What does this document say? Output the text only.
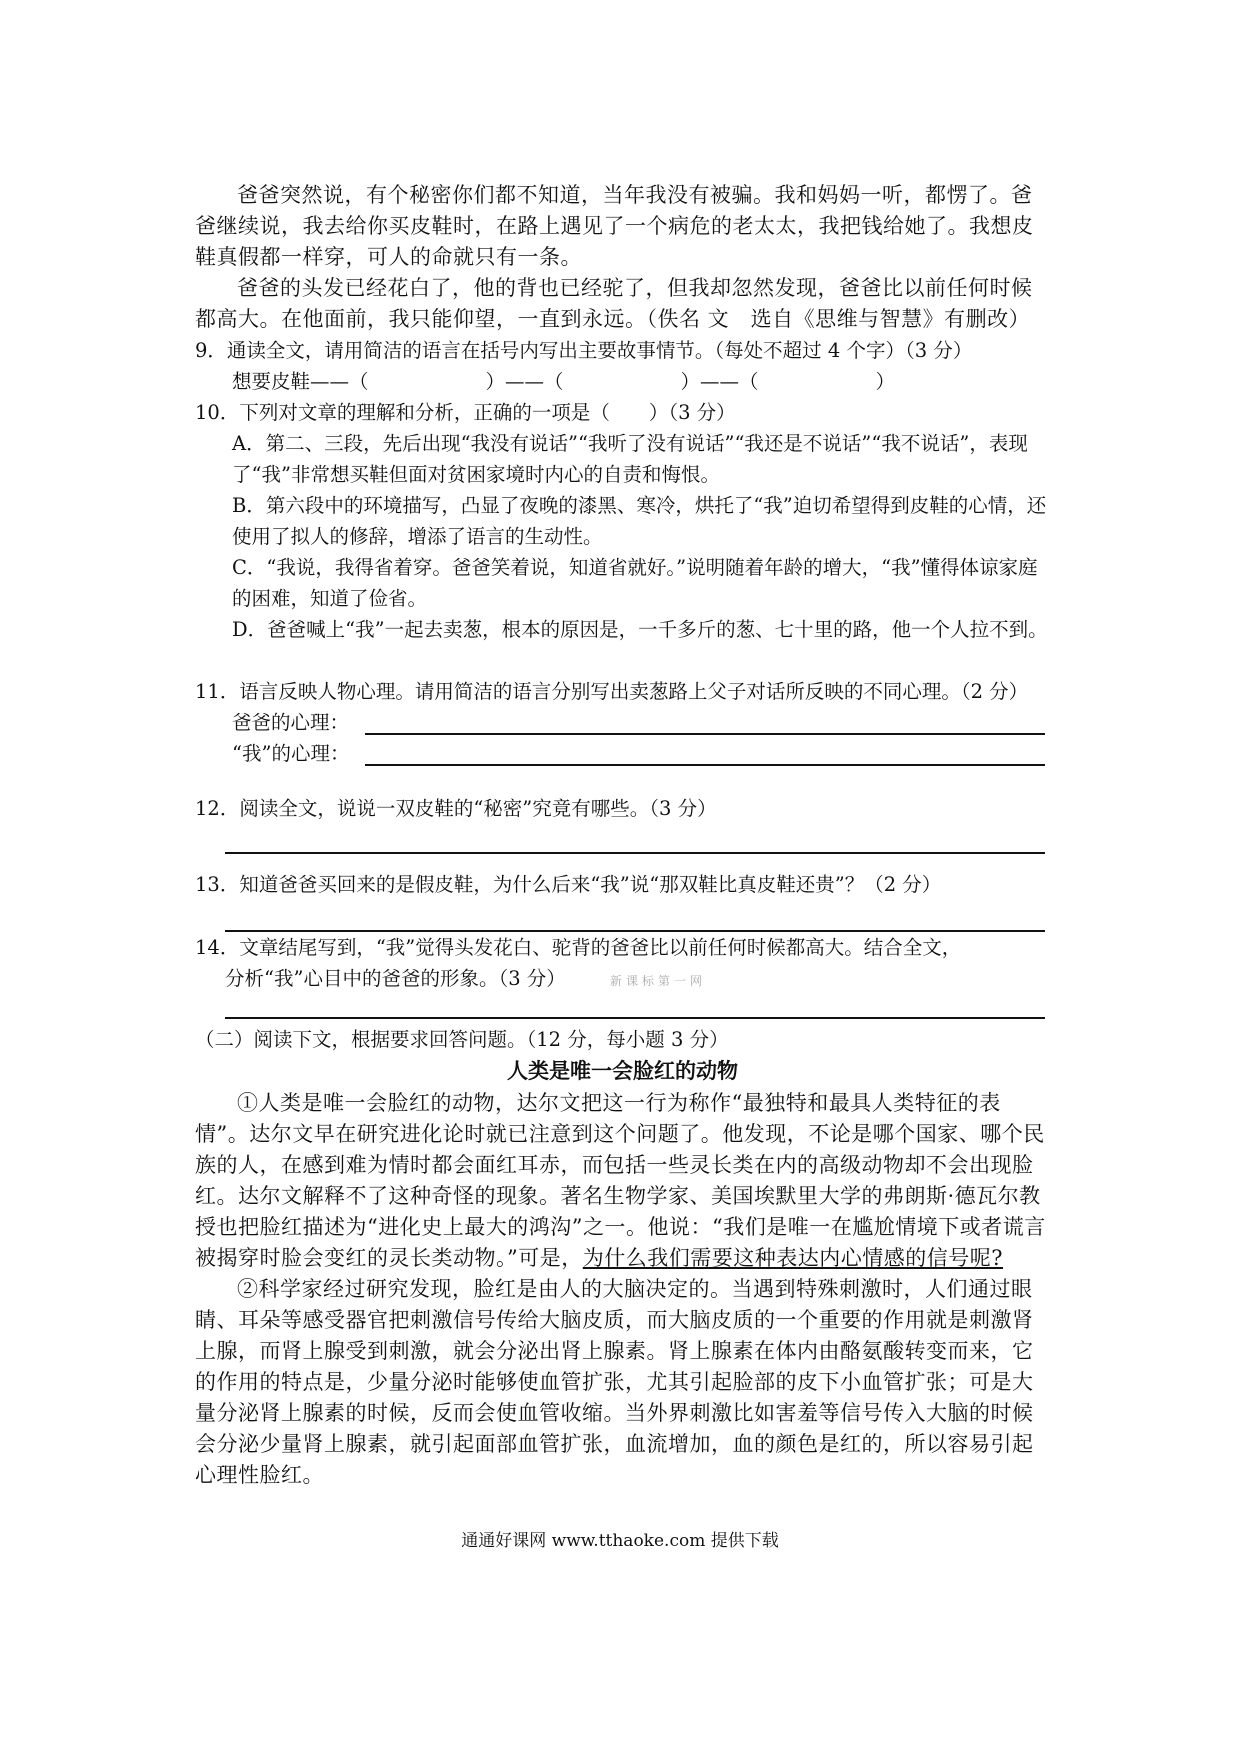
爸爸突然说，有个秘密你们都不知道，当年我没有被骗。我和妈妈一听，都愣了。爸爸继续说，我去给你买皮鞋时，在路上遇见了一个病危的老太太，我把钱给她了。我想皮鞋真假都一样穿，可人的命就只有一条。
爸爸的头发已经花白了，他的背也已经驼了，但我却忽然发现，爸爸比以前任何时候都高大。在他面前，我只能仰望，一直到永远。（佚名 文　选自《思维与智慧》有删改）
9．通读全文，请用简洁的语言在括号内写出主要故事情节。（每处不超过 4 个字）（3 分）
想要皮鞋——（　　　　　　）——（　　　　　　）——（　　　　　　）
10．下列对文章的理解和分析，正确的一项是（　　）（3 分）
A．第二、三段，先后出现“我没有说话”“我听了没有说话”“我还是不说话”“我不说话”，表现了“我”非常想买鞋但面对贫困家境时内心的自责和悔恨。
B．第六段中的环境描写，凸显了夜晚的漆黑、寒冷，烘托了“我”迫切希望得到皮鞋的心情，还使用了拟人的修辞，增添了语言的生动性。
C．“我说，我得省着穿。爸爸笑着说，知道省就好。”说明随着年龄的增大，“我”懂得体谅家庭的困难，知道了俭省。
D．爸爸喊上“我”一起去卖葱，根本的原因是，一千多斤的葱、七十里的路，他一个人拉不到。
11．语言反映人物心理。请用简洁的语言分别写出卖葱路上父子对话所反映的不同心理。（2 分）
爸爸的心理：
“我”的心理：
12．阅读全文，说说一双皮鞋的“秘密”究竟有哪些。（3 分）
13．知道爸爸买回来的是假皮鞋，为什么后来“我”说“那双鞋比真皮鞋还贵”？（2 分）
14．文章结尾写到，“我”觉得头发花白、驼背的爸爸比以前任何时候都高大。结合全文，
分析“我”心目中的爸爸的形象。（3 分）	新课标第一网
（二）阅读下文，根据要求回答问题。（12 分，每小题 3 分）
人类是唯一会脸红的动物
①人类是唯一会脸红的动物，达尔文把这一行为称作“最独特和最具人类特征的表情”。达尔文早在研究进化论时就已注意到这个问题了。他发现，不论是哪个国家、哪个民族的人，在感到难为情时都会面红耳赤，而包括一些灵长类在内的高级动物却不会出现脸红。达尔文解释不了这种奇怪的现象。著名生物学家、美国埃默里大学的弗朗斯·德瓦尔教授也把脸红描述为“进化史上最大的鸿沟”之一。他说：“我们是唯一在尴尬情境下或者谎言被揭穿时脸会变红的灵长类动物。”可是，为什么我们需要这种表达内心情感的信号呢?
②科学家经过研究发现，脸红是由人的大脑决定的。当遇到特殊刺激时，人们通过眼睛、耳朵等感受器官把刺激信号传给大脑皮质，而大脑皮质的一个重要的作用就是刺激肾上腺，而肾上腺受到刺激，就会分泌出肾上腺素。肾上腺素在体内由酪氨酸转变而来，它的作用的特点是，少量分泌时能够使血管扩张，尤其引起脸部的皮下小血管扩张；可是大量分泌肾上腺素的时候，反而会使血管收缩。当外界刺激比如害羞等信号传入大脑的时候会分泌少量肾上腺素，就引起面部血管扩张，血流增加，血的颜色是红的，所以容易引起心理性脸红。
通通好课网 www.tthaoke.com 提供下载
